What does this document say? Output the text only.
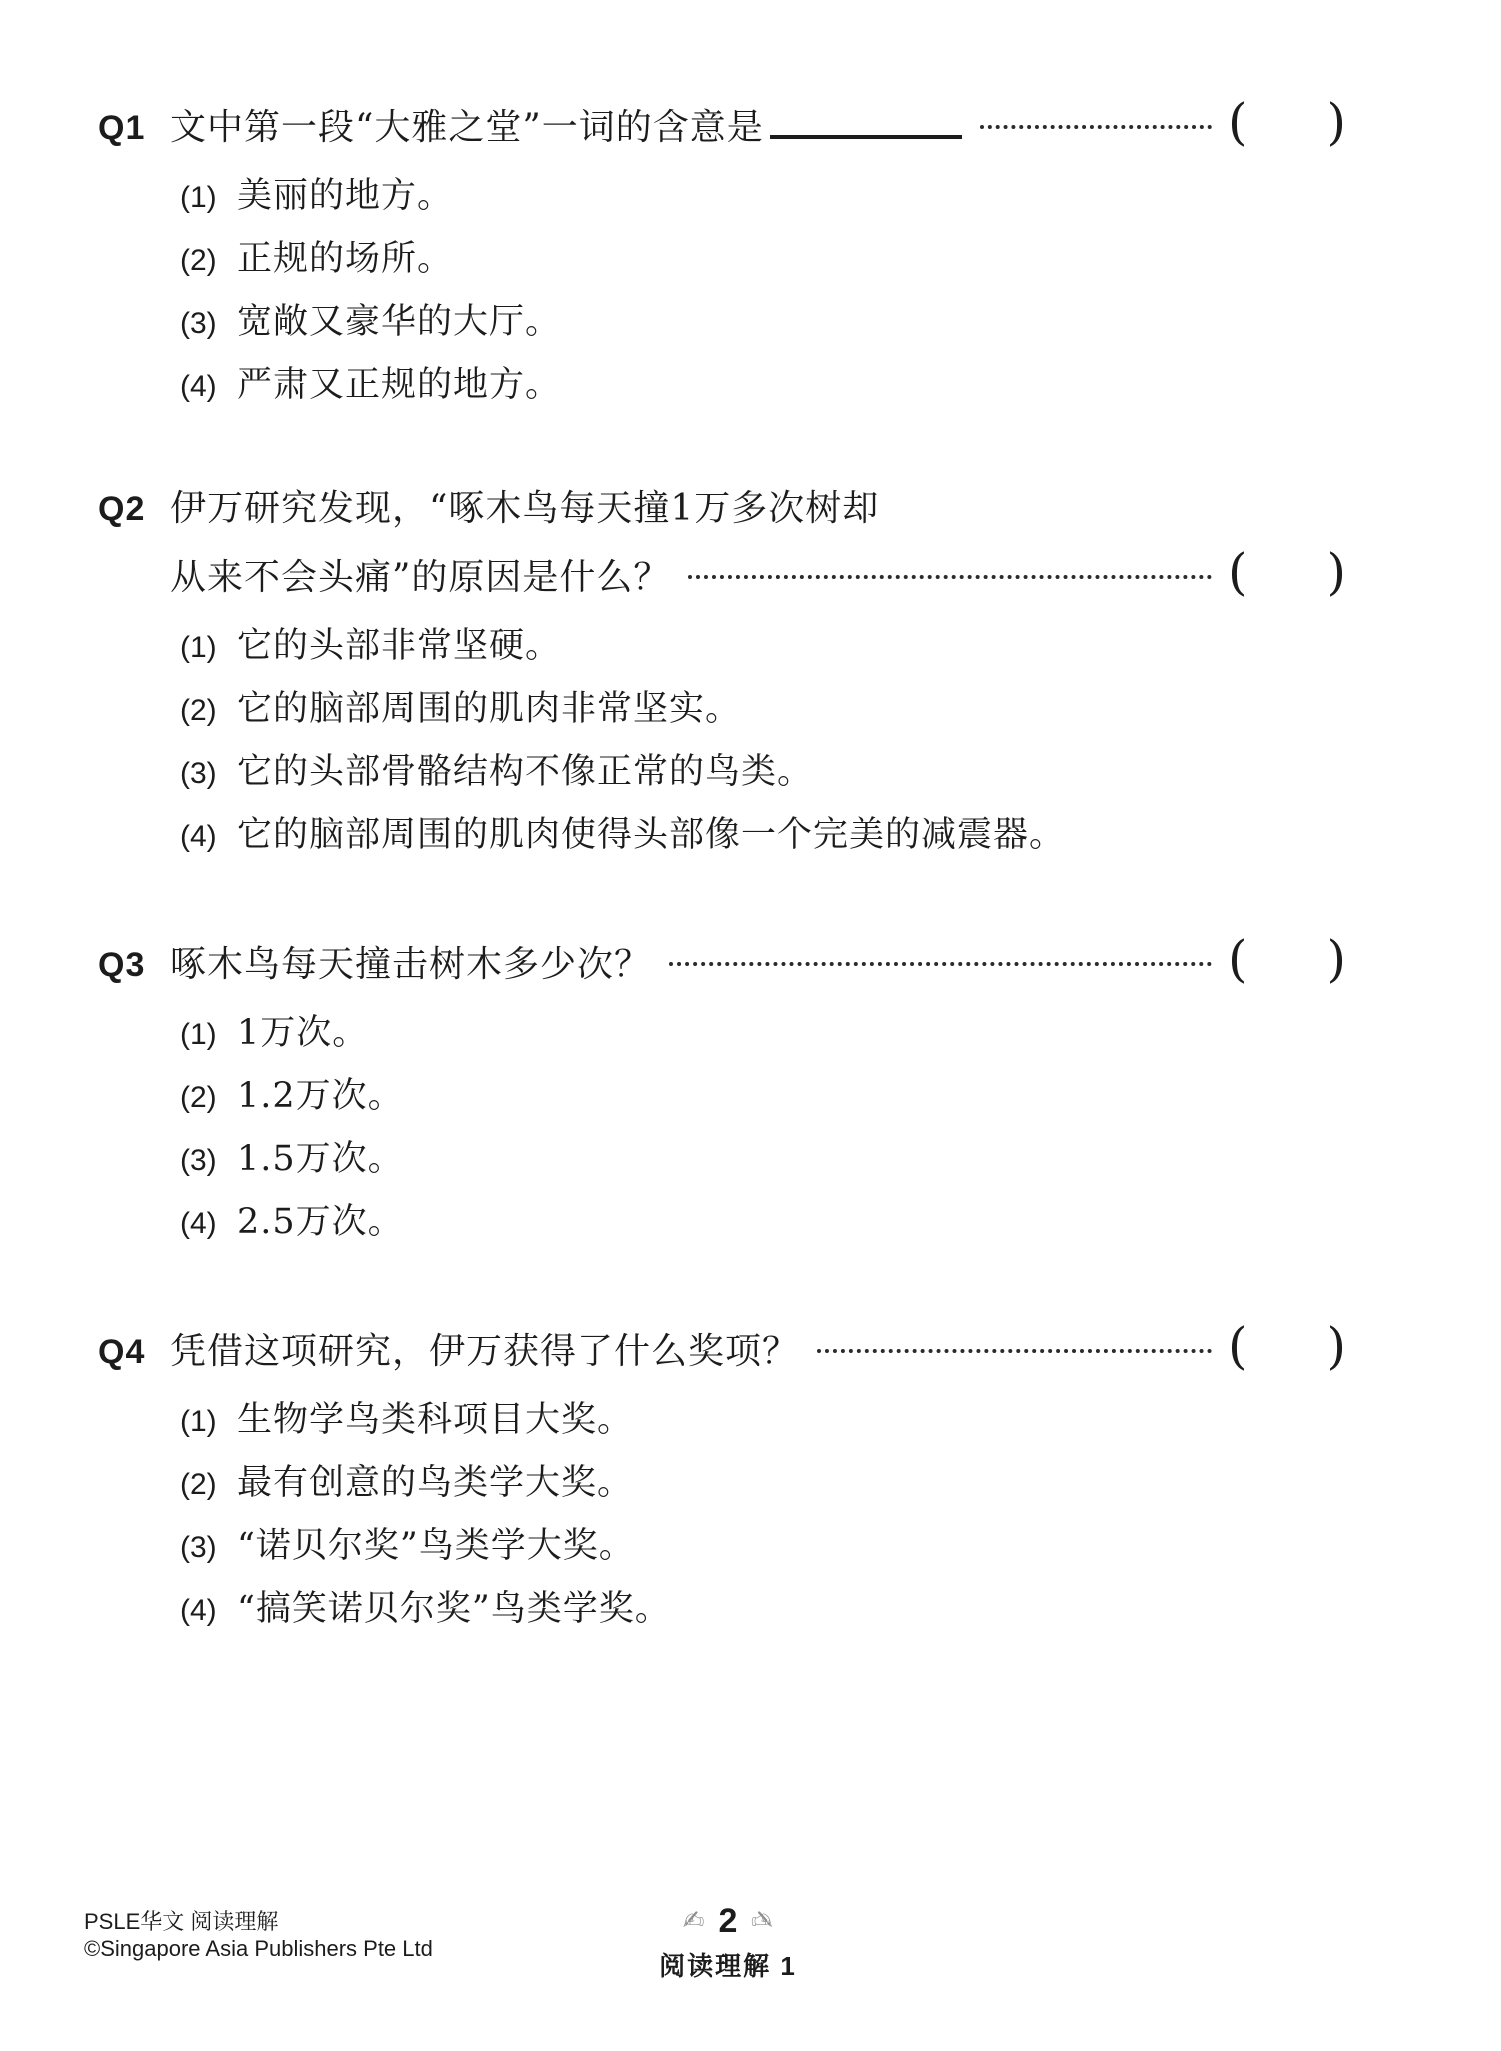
Q1 文中第一段“大雅之堂”一词的含意是	( )
(1) 美丽的地方。
(2) 正规的场所。
(3) 宽敞又豪华的大厅。
(4) 严肃又正规的地方。
Q2 伊万研究发现，“啄木鸟每天撞1万多次树却
从来不会头痛”的原因是什么？	( )
(1) 它的头部非常坚硬。
(2) 它的脑部周围的肌肉非常坚实。
(3) 它的头部骨骼结构不像正常的鸟类。
(4) 它的脑部周围的肌肉使得头部像一个完美的减震器。
Q3 啄木鸟每天撞击树木多少次？	( )
(1) 1万次。
(2) 1.2万次。
(3) 1.5万次。
(4) 2.5万次。
Q4 凭借这项研究，伊万获得了什么奖项？	( )
(1) 生物学鸟类科项目大奖。
(2) 最有创意的鸟类学大奖。
(3) “诺贝尔奖”鸟类学大奖。
(4) “搞笑诺贝尔奖”鸟类学奖。
PSLE华文 阅读理解
©Singapore Asia Publishers Pte Ltd
✍ 2 ✍
阅读理解 1
